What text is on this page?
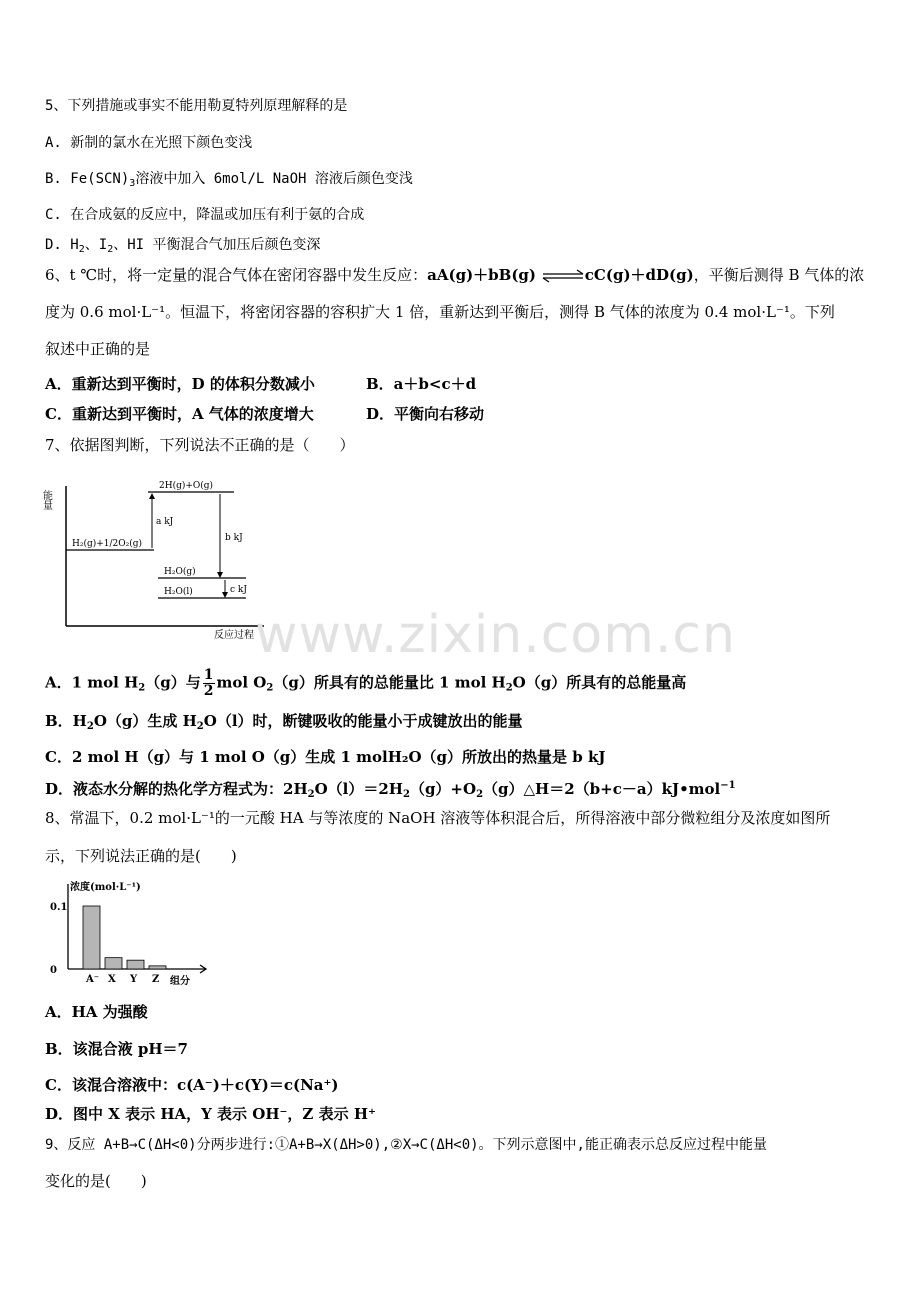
5、下列措施或事实不能用勒夏特列原理解释的是
A. 新制的氯水在光照下颜色变浅
B. $Fe(SCN)_3$溶液中加入 6mol/L NaOH 溶液后颜色变浅
C. 在合成氨的反应中，降温或加压有利于氨的合成
D. $H_2$、$I_2$、HI 平衡混合气加压后颜色变深
6、t ℃时，将一定量的混合气体在密闭容器中发生反应：aA(g)＋bB(g) ⇌cC(g)＋dD(g)，平衡后测得 B 气体的浓
度为 0.6 mol·L⁻¹。恒温下，将密闭容器的容积扩大 1 倍，重新达到平衡后，测得 B 气体的浓度为 0.4 mol·L⁻¹。下列
叙述中正确的是
A．重新达到平衡时，D 的体积分数减小	B．a＋b<c＋d
C．重新达到平衡时，A 气体的浓度增大	D．平衡向右移动
7、依据图判断，下列说法不正确的是（　　）
能量
反应过程
2H(g)+O(g)
H₂(g)+1/2O₂(g)
H₂O(g)
H₂O(l)
a kJ
b kJ
c kJ
www.zixin.com.cn
A．1 mol $H_2(g)$与 $\frac{1}{2}$ mol $O_2(g)$所具有的总能量比 1 mol $H_2O(g)$所具有的总能量高
B．$H_2O(g)$生成 $H_2O(l)$时，断键吸收的能量小于成键放出的能量
C．2 mol H（g）与 1 mol O（g）生成 1 molH₂O（g）所放出的热量是 b kJ
D．液态水分解的热化学方程式为：$2H_2O(l)=2H_2(g)+O_2(g)\triangle H=2(b+c-a)kJ•mol^{-1}$
8、常温下，0.2 mol·L⁻¹的一元酸 HA 与等浓度的 NaOH 溶液等体积混合后，所得溶液中部分微粒组分及浓度如图所
示，下列说法正确的是(　　)
浓度(mol·L⁻¹)
组分
0.1
0
A⁻ X Y Z
A．HA 为强酸
B．该混合液 pH＝7
C．该混合溶液中：c(A⁻)＋c(Y)＝c(Na⁺)
D．图中 X 表示 HA，Y 表示 OH⁻，Z 表示 H⁺
9、反应 A+B→C(ΔH<0)分两步进行:①A+B→X(ΔH>0),②X→C(ΔH<0)。下列示意图中,能正确表示总反应过程中能量
变化的是(　　)
